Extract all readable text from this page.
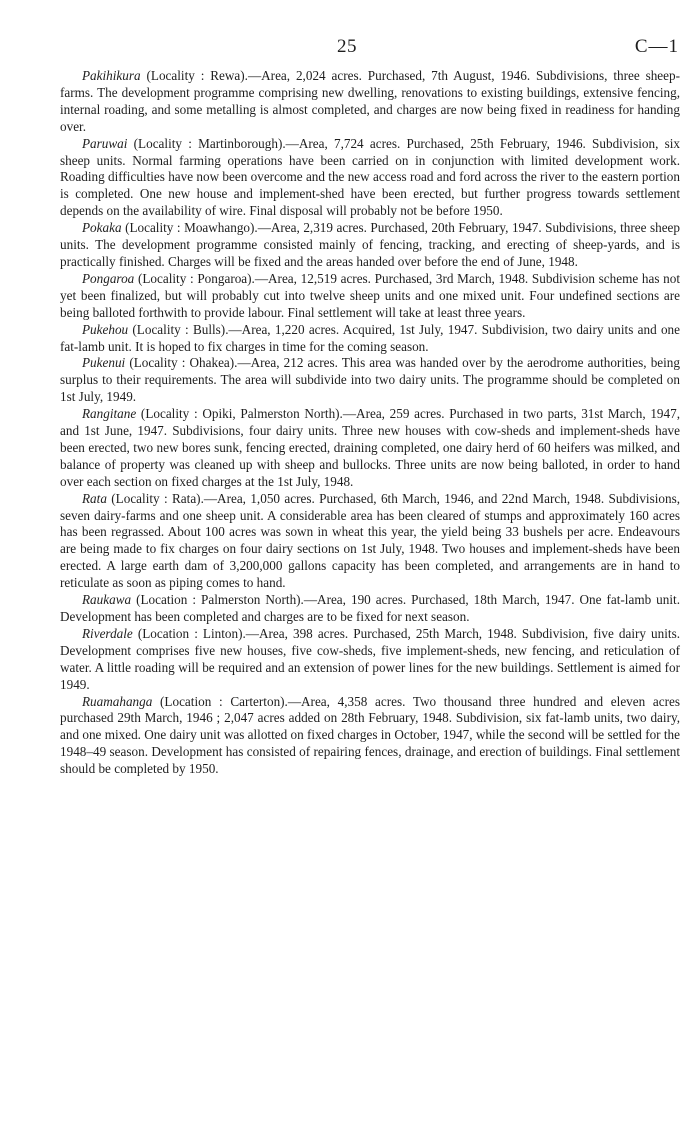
25	C—1

Pakihikura (Locality : Rewa).—Area, 2,024 acres. Purchased, 7th August, 1946. Subdivisions, three sheep-farms. The development programme comprising new dwelling, renovations to existing buildings, extensive fencing, internal roading, and some metalling is almost completed, and charges are now being fixed in readiness for handing over.

Paruwai (Locality : Martinborough).—Area, 7,724 acres. Purchased, 25th February, 1946. Subdivision, six sheep units. Normal farming operations have been carried on in conjunction with limited development work. Roading difficulties have now been overcome and the new access road and ford across the river to the eastern portion is completed. One new house and implement-shed have been erected, but further progress towards settlement depends on the availability of wire. Final disposal will probably not be before 1950.

Pokaka (Locality : Moawhango).—Area, 2,319 acres. Purchased, 20th February, 1947. Subdivisions, three sheep units. The development programme consisted mainly of fencing, tracking, and erecting of sheep-yards, and is practically finished. Charges will be fixed and the areas handed over before the end of June, 1948.

Pongaroa (Locality : Pongaroa).—Area, 12,519 acres. Purchased, 3rd March, 1948. Subdivision scheme has not yet been finalized, but will probably cut into twelve sheep units and one mixed unit. Four undefined sections are being balloted forthwith to provide labour. Final settlement will take at least three years.

Pukehou (Locality : Bulls).—Area, 1,220 acres. Acquired, 1st July, 1947. Subdivision, two dairy units and one fat-lamb unit. It is hoped to fix charges in time for the coming season.

Pukenui (Locality : Ohakea).—Area, 212 acres. This area was handed over by the aerodrome authorities, being surplus to their requirements. The area will subdivide into two dairy units. The programme should be completed on 1st July, 1949.

Rangitane (Locality : Opiki, Palmerston North).—Area, 259 acres. Purchased in two parts, 31st March, 1947, and 1st June, 1947. Subdivisions, four dairy units. Three new houses with cow-sheds and implement-sheds have been erected, two new bores sunk, fencing erected, draining completed, one dairy herd of 60 heifers was milked, and balance of property was cleaned up with sheep and bullocks. Three units are now being balloted, in order to hand over each section on fixed charges at the 1st July, 1948.

Rata (Locality : Rata).—Area, 1,050 acres. Purchased, 6th March, 1946, and 22nd March, 1948. Subdivisions, seven dairy-farms and one sheep unit. A considerable area has been cleared of stumps and approximately 160 acres has been regrassed. About 100 acres was sown in wheat this year, the yield being 33 bushels per acre. Endeavours are being made to fix charges on four dairy sections on 1st July, 1948. Two houses and implement-sheds have been erected. A large earth dam of 3,200,000 gallons capacity has been completed, and arrangements are in hand to reticulate as soon as piping comes to hand.

Raukawa (Location : Palmerston North).—Area, 190 acres. Purchased, 18th March, 1947. One fat-lamb unit. Development has been completed and charges are to be fixed for next season.

Riverdale (Location : Linton).—Area, 398 acres. Purchased, 25th March, 1948. Subdivision, five dairy units. Development comprises five new houses, five cow-sheds, five implement-sheds, new fencing, and reticulation of water. A little roading will be required and an extension of power lines for the new buildings. Settlement is aimed for 1949.

Ruamahanga (Location : Carterton).—Area, 4,358 acres. Two thousand three hundred and eleven acres purchased 29th March, 1946 ; 2,047 acres added on 28th February, 1948. Subdivision, six fat-lamb units, two dairy, and one mixed. One dairy unit was allotted on fixed charges in October, 1947, while the second will be settled for the 1948–49 season. Development has consisted of repairing fences, drainage, and erection of buildings. Final settlement should be completed by 1950.
